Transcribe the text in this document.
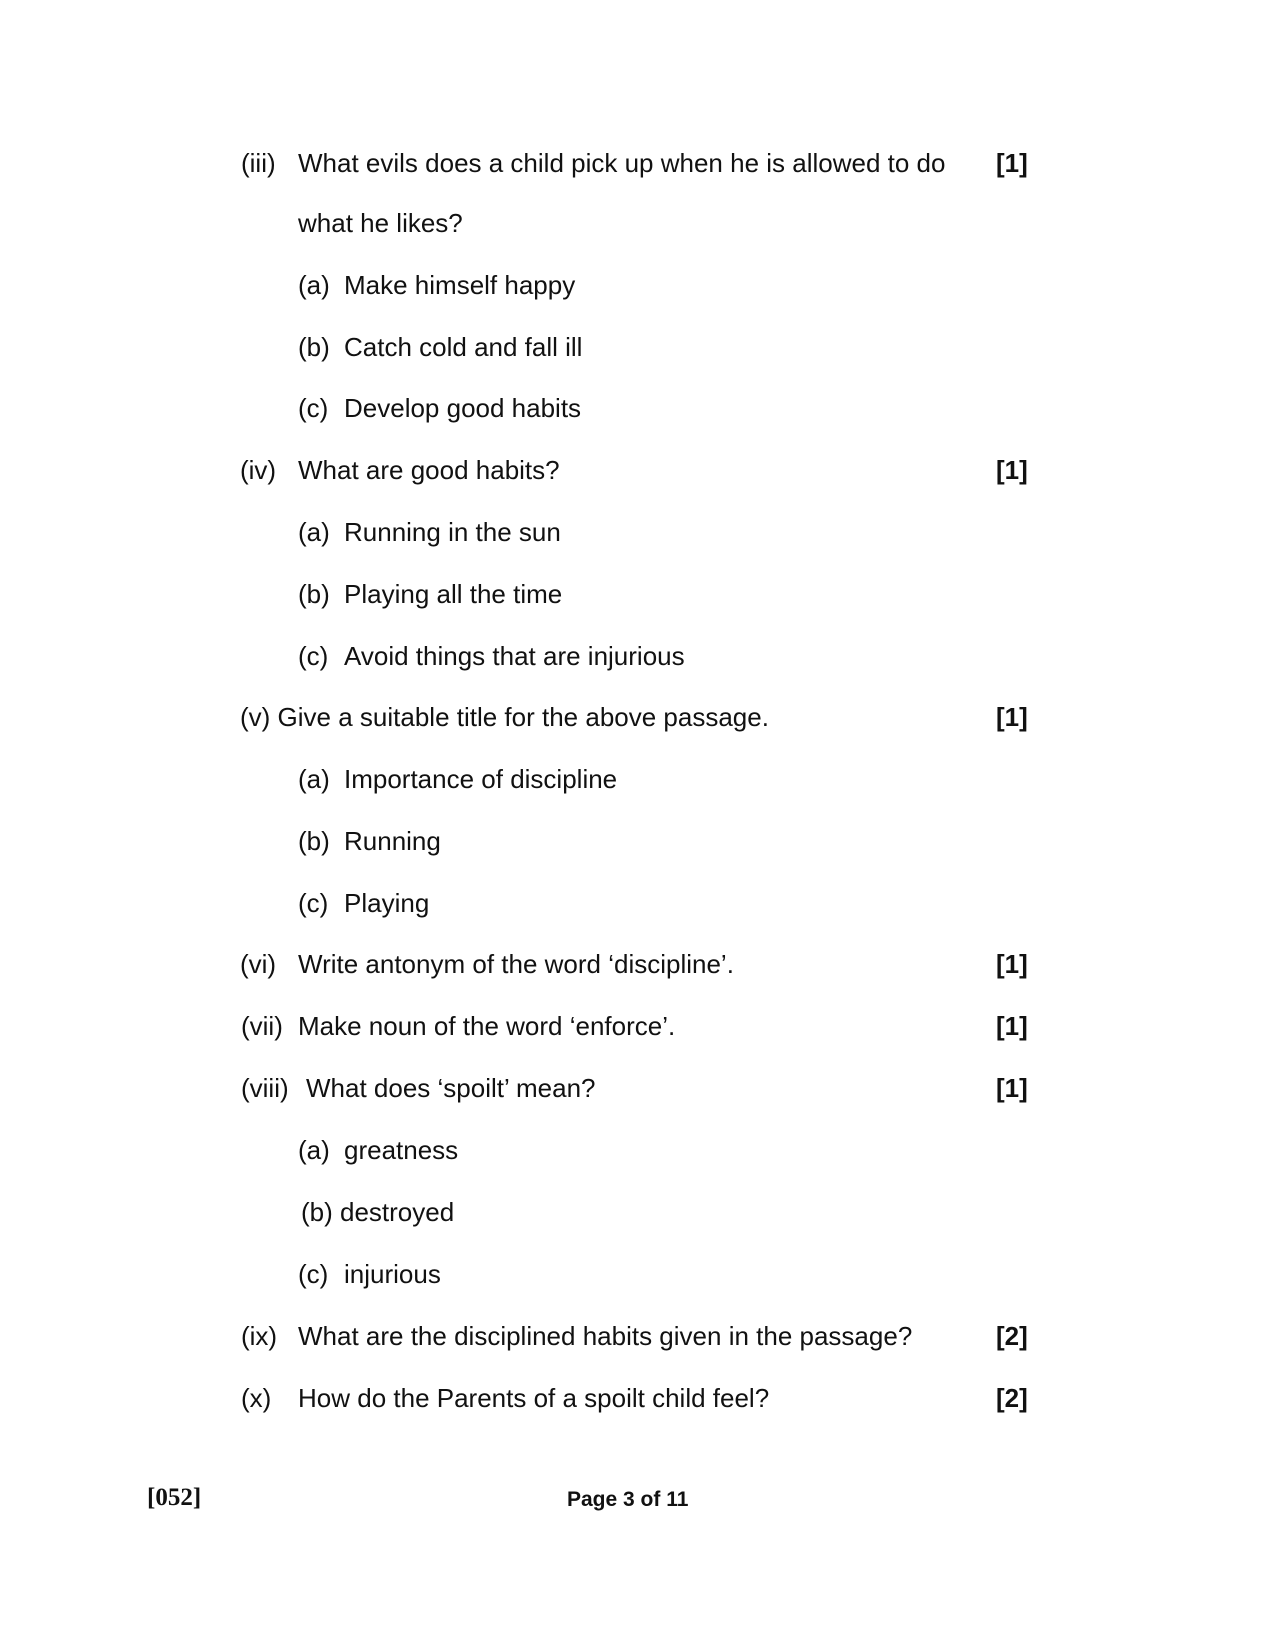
(iii) What evils does a child pick up when he is allowed to do [1]
what he likes?
(a) Make himself happy
(b) Catch cold and fall ill
(c) Develop good habits
(iv) What are good habits?	[1]
(a) Running in the sun
(b) Playing all the time
(c) Avoid things that are injurious
(v) Give a suitable title for the above passage.	[1]
(a) Importance of discipline
(b) Running
(c) Playing
(vi) Write antonym of the word ‘discipline’.	[1]
(vii) Make noun of the word ‘enforce’.	[1]
(viii) What does ‘spoilt’ mean?	[1]
(a) greatness
(b) destroyed
(c) injurious
(ix) What are the disciplined habits given in the passage?	[2]
(x) How do the Parents of a spoilt child feel?	[2]
[052]	Page 3 of 11
